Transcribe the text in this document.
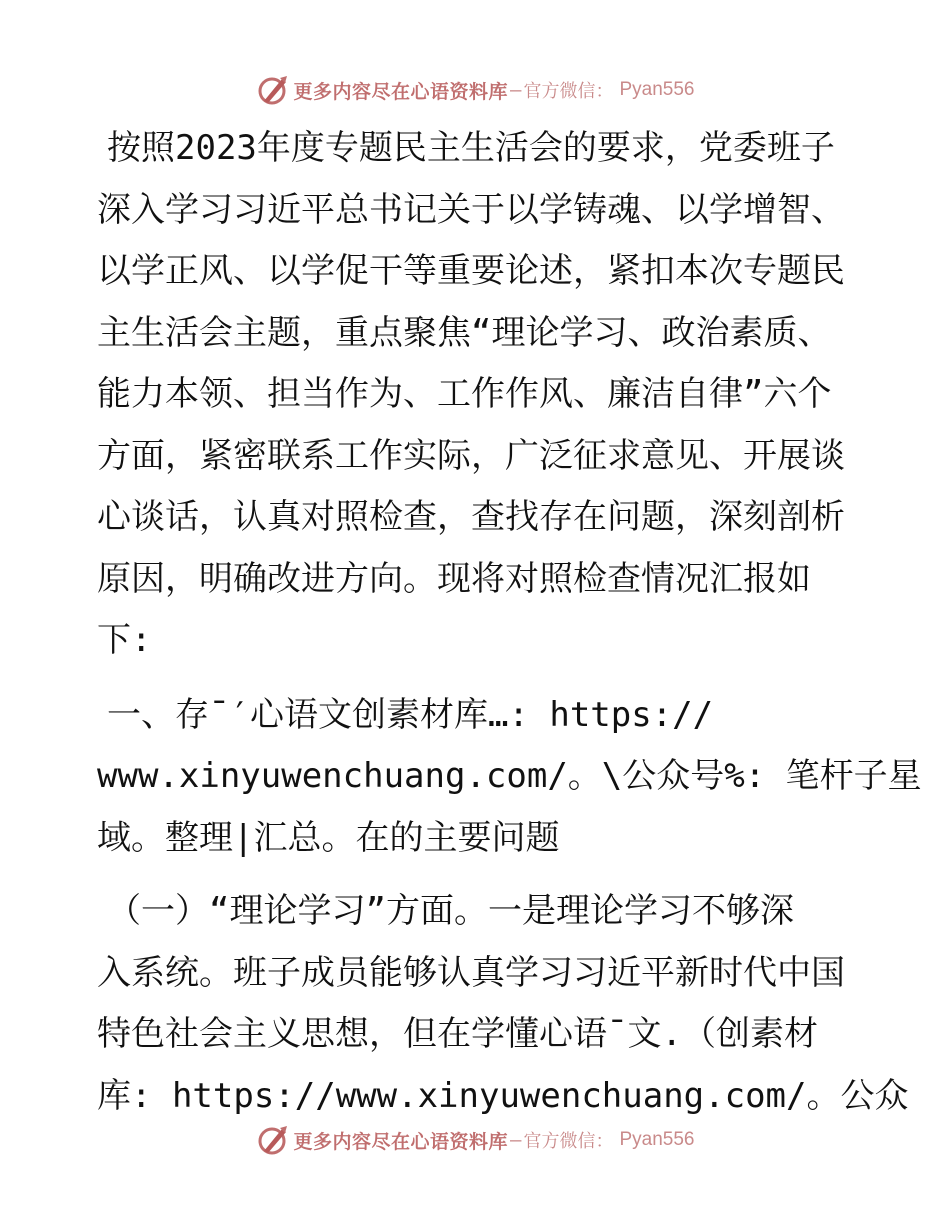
更多内容尽在心语资料库 — 官方微信： Pyan556

按照2023年度专题民主生活会的要求，党委班子
深入学习习近平总书记关于以学铸魂、以学增智、
以学正风、以学促干等重要论述，紧扣本次专题民
主生活会主题，重点聚焦“理论学习、政治素质、
能力本领、担当作为、工作作风、廉洁自律”六个
方面，紧密联系工作实际，广泛征求意见、开展谈
心谈话，认真对照检查，查找存在问题，深刻剖析
原因，明确改进方向。现将对照检查情况汇报如
下:

一、存¯′心语文创素材库…: https://
www.xinyuwenchuang.com/。\公众号%: 笔杆子星
域。整理|汇总。在的主要问题

（一）“理论学习”方面。一是理论学习不够深
入系统。班子成员能够认真学习习近平新时代中国
特色社会主义思想，但在学懂心语¯文.（创素材
库: https://www.xinyuwenchuang.com/。公众

更多内容尽在心语资料库 — 官方微信： Pyan556
